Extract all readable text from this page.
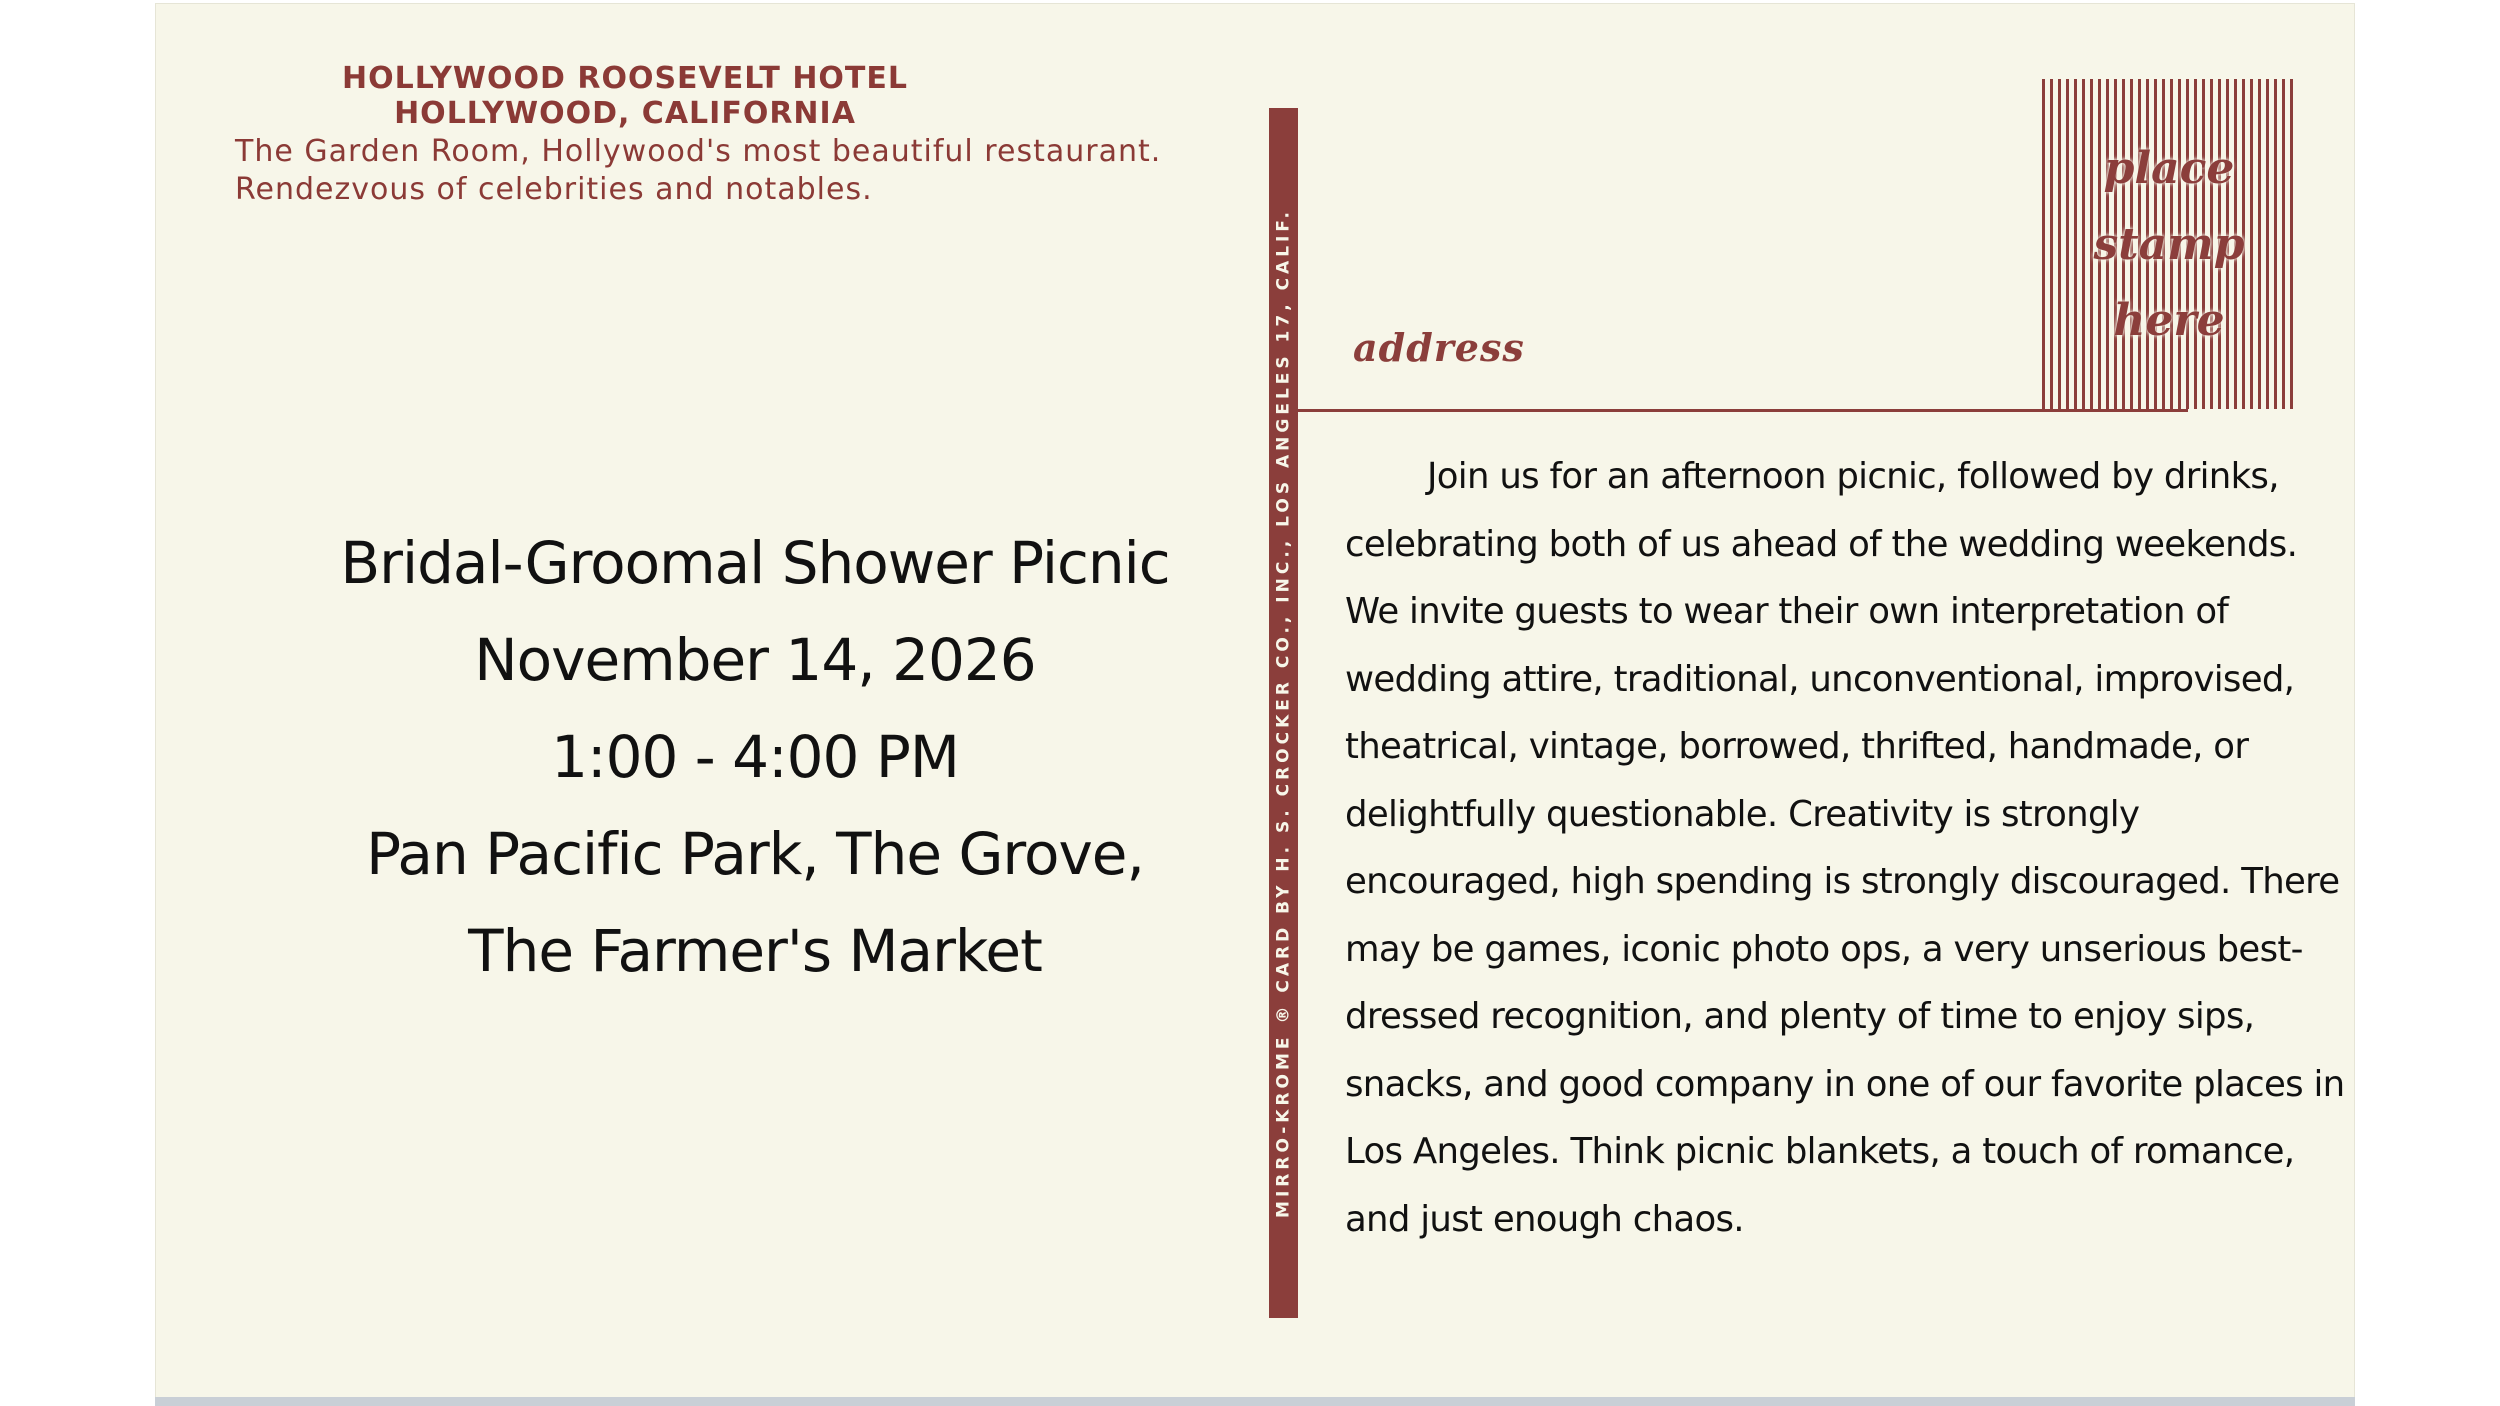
HOLLYWOOD ROOSEVELT HOTEL
HOLLYWOOD, CALIFORNIA
The Garden Room, Hollywood's most beautiful restaurant.
Rendezvous of celebrities and notables.
Bridal-Groomal Shower Picnic
November 14, 2026
1:00 - 4:00 PM
Pan Pacific Park, The Grove,
The Farmer's Market	MIRRO-KROME ® CARD BY H. S. CROCKER CO., INC., LOS ANGELES 17, CALIF. address
place
stamp
here

Join us for an afternoon picnic, followed by drinks, celebrating both of us ahead of the wedding weekends. We invite guests to wear their own interpretation of wedding attire, traditional, unconventional, improvised, theatrical, vintage, borrowed, thrifted, handmade, or delightfully questionable. Creativity is strongly encouraged, high spending is strongly discouraged. There may be games, iconic photo ops, a very unserious best-dressed recognition, and plenty of time to enjoy sips, snacks, and good company in one of our favorite places in Los Angeles. Think picnic blankets, a touch of romance, and just enough chaos.
